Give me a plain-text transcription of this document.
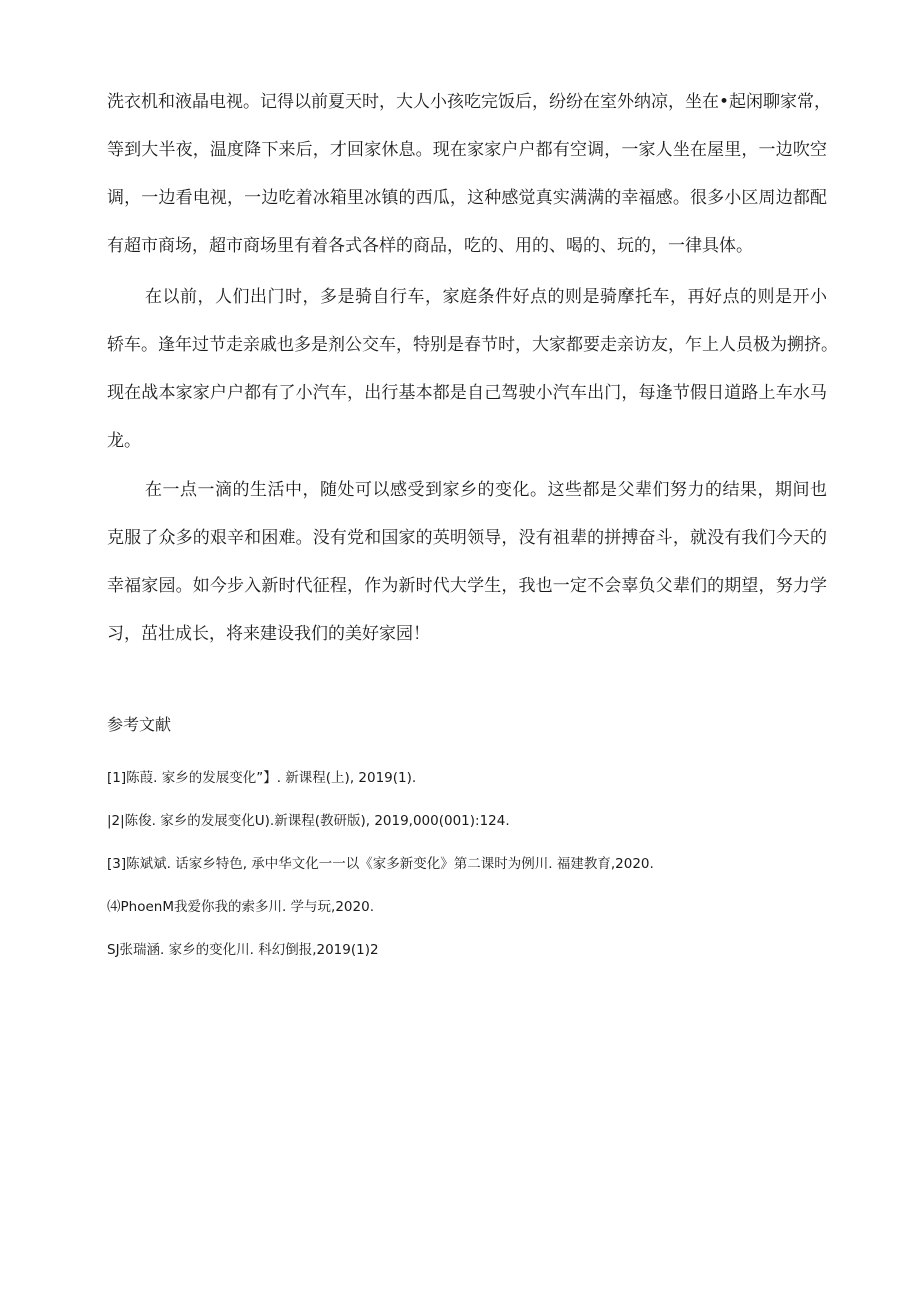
洗衣机和液晶电视。记得以前夏天时，大人小孩吃完饭后，纷纷在室外纳凉，坐在•起闲聊家常，
等到大半夜，温度降下来后，才回家休息。现在家家户户都有空调，一家人坐在屋里，一边吹空
调，一边看电视，一边吃着冰箱里冰镇的西瓜，这种感觉真实满满的幸福感。很多小区周边都配
有超市商场，超市商场里有着各式各样的商品，吃的、用的、喝的、玩的，一律具体。
在以前，人们出门时，多是骑自行车，家庭条件好点的则是骑摩托车，再好点的则是开小
轿车。逢年过节走亲戚也多是剂公交车，特别是春节时，大家都要走亲访友，乍上人员极为搠挤。
现在战本家家户户都有了小汽车，出行基本都是自己驾驶小汽车出门，每逢节假日道路上车水马
龙。
在一点一滴的生活中，随处可以感受到家乡的变化。这些都是父辈们努力的结果，期间也
克服了众多的艰辛和困难。没有党和国家的英明领导，没有祖辈的拼搏奋斗，就没有我们今天的
幸福家园。如今步入新时代征程，作为新时代大学生，我也一定不会辜负父辈们的期望，努力学
习，茁壮成长，将来建设我们的美好家园！
参考文献
[1]陈葭. 家乡的发展变化”】. 新课程(上), 2019(1).
|2|陈俊. 家乡的发展变化U).新课程(教研版), 2019,000(001):124.
[3]陈斌斌. 话家乡特色, 承中华文化一一以《家多新变化》第二课时为例川. 福建教育,2020.
⑷PhoenM我爱你我的索多川. 学与玩,2020.
SJ张瑞涵. 家乡的变化川. 科幻倒报,2019(1)2
